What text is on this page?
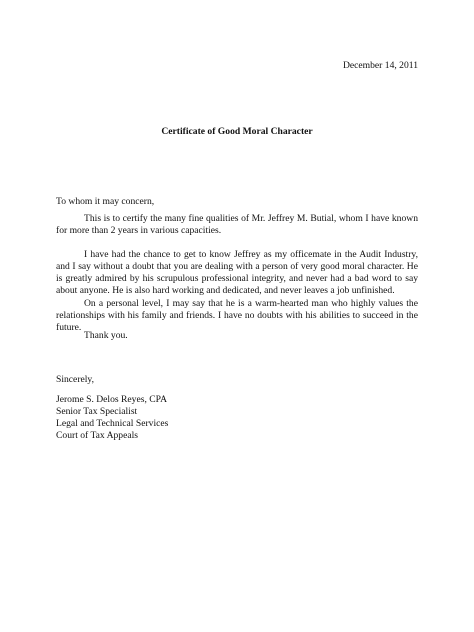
December 14, 2011
Certificate of Good Moral Character
To whom it may concern,

This is to certify the many fine qualities of Mr. Jeffrey M. Butial, whom I have known for more than 2 years in various capacities.

I have had the chance to get to know Jeffrey as my officemate in the Audit Industry, and I say without a doubt that you are dealing with a person of very good moral character. He is greatly admired by his scrupulous professional integrity, and never had a bad word to say about anyone. He is also hard working and dedicated, and never leaves a job unfinished.

On a personal level, I may say that he is a warm-hearted man who highly values the relationships with his family and friends. I have no doubts with his abilities to succeed in the future.

Thank you.
Sincerely,
Jerome S. Delos Reyes, CPA
Senior Tax Specialist
Legal and Technical Services
Court of Tax Appeals
